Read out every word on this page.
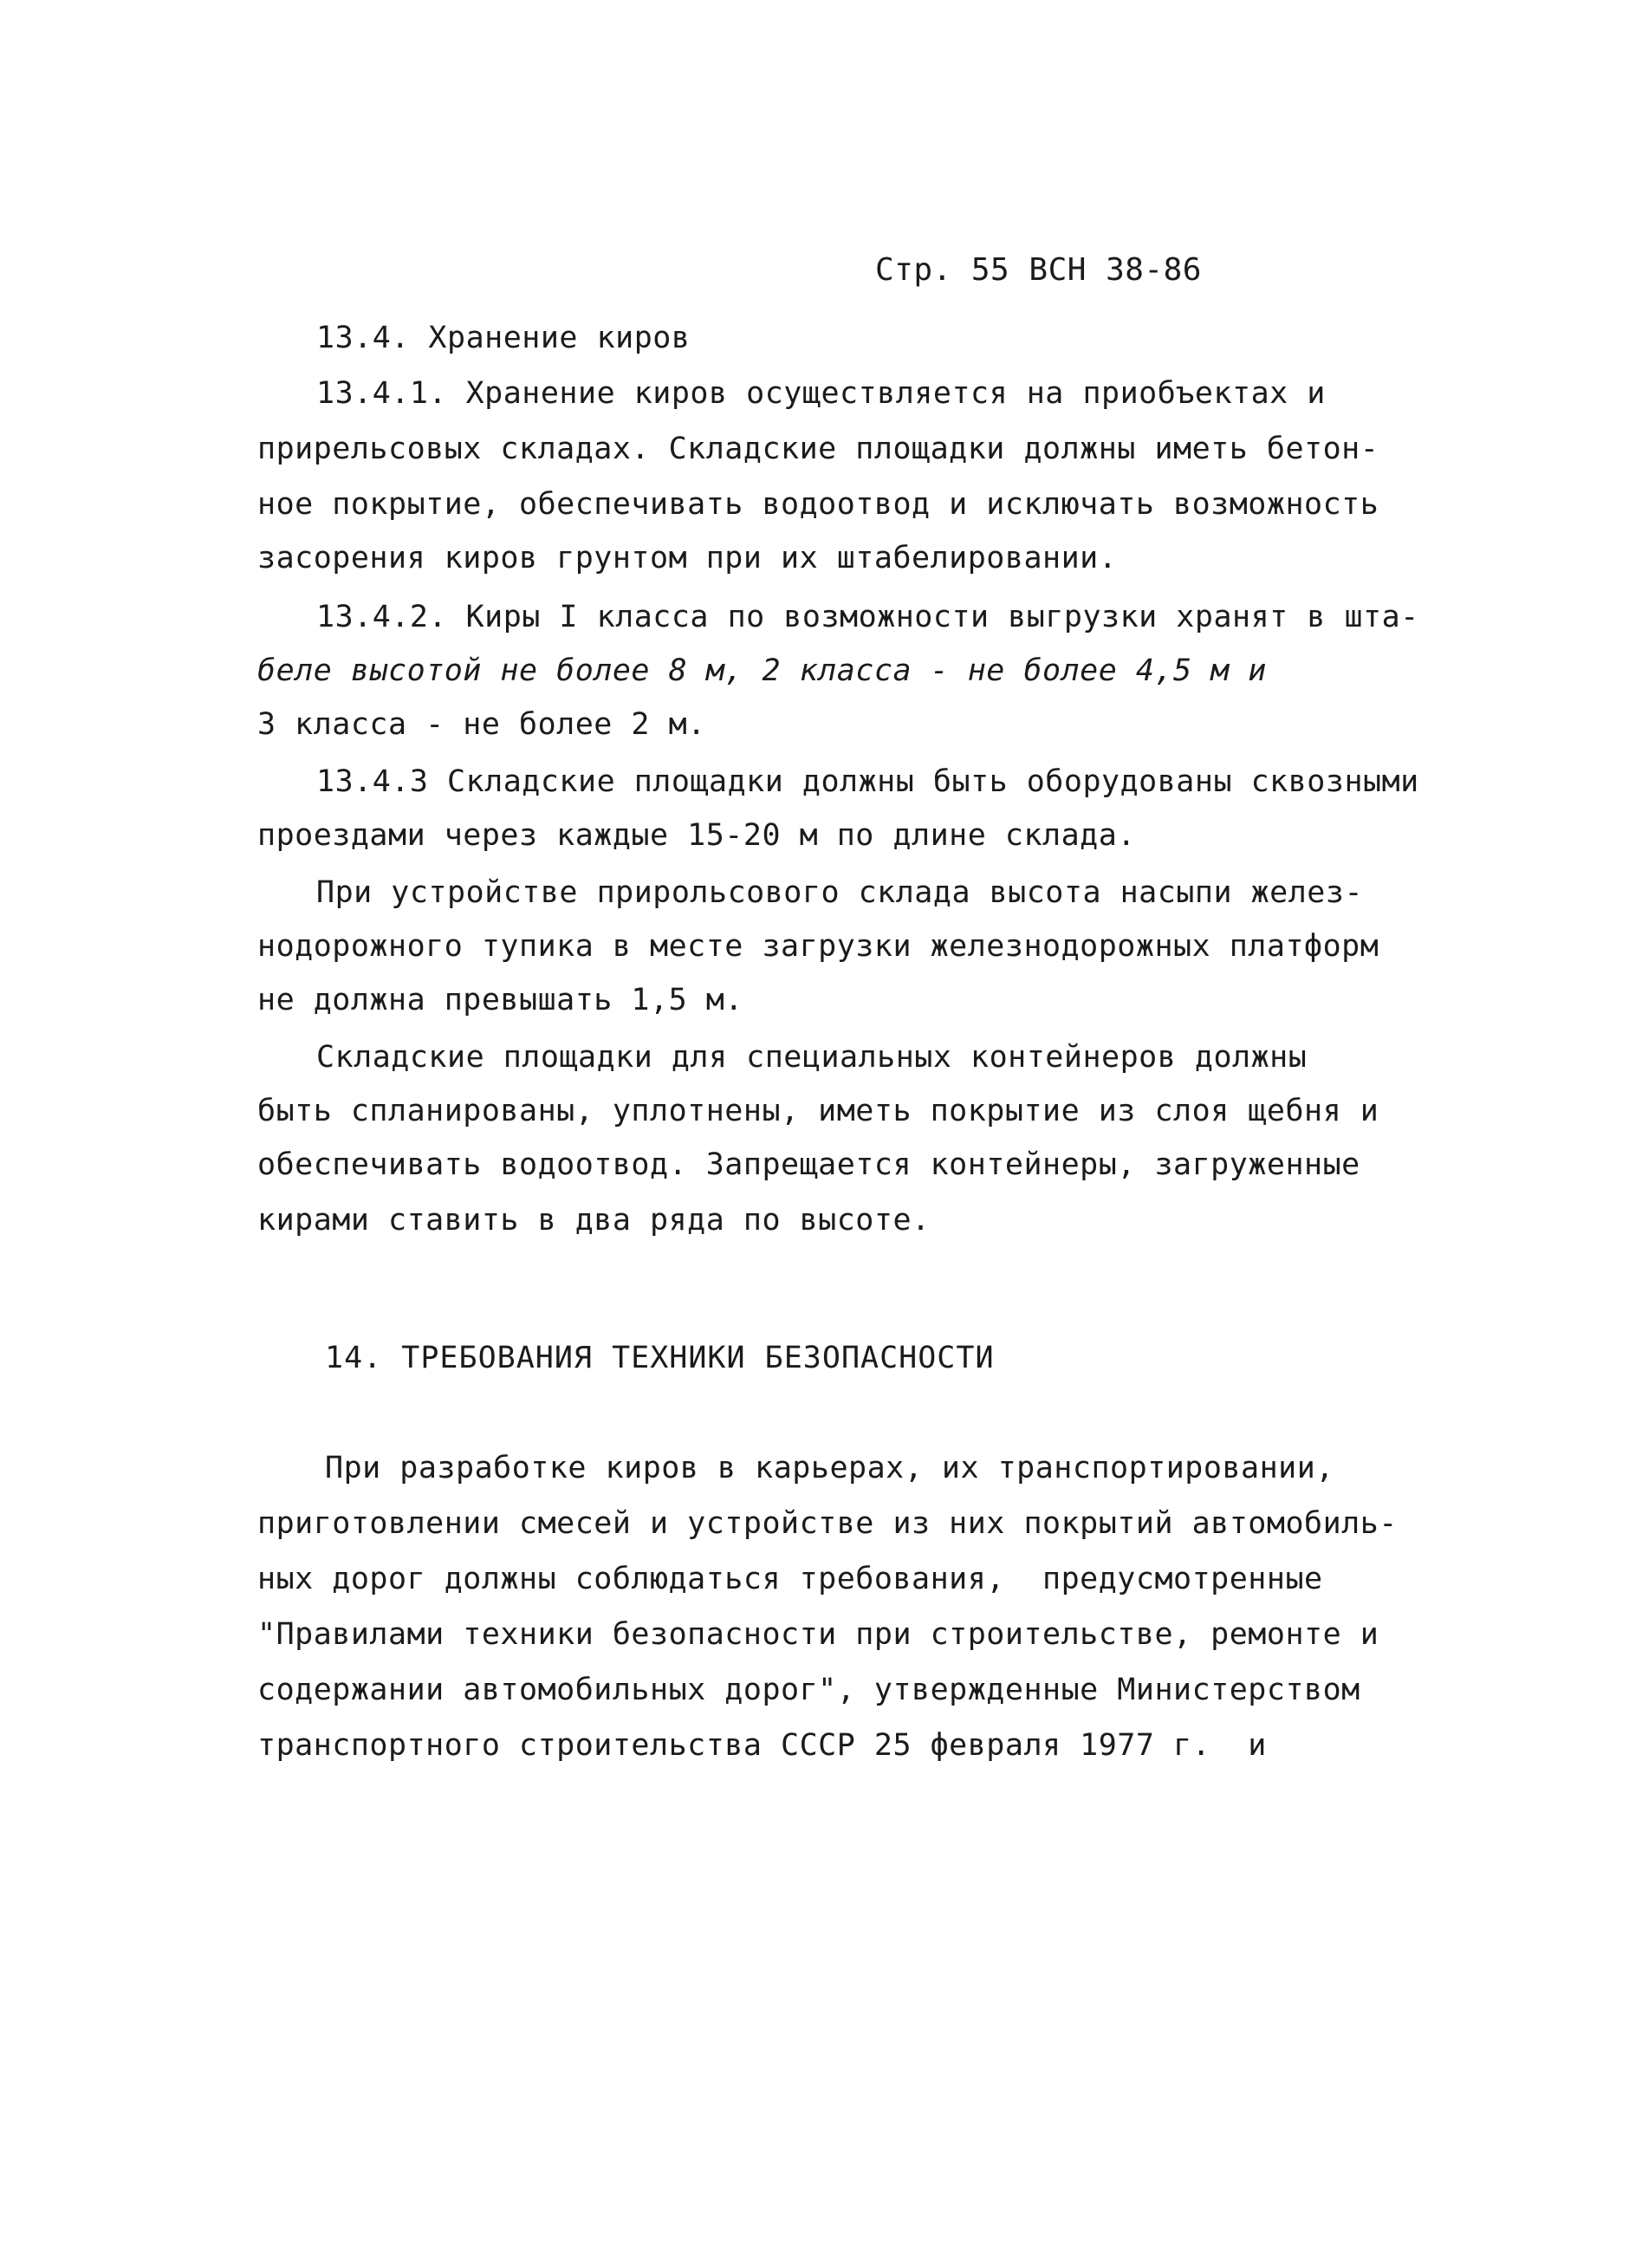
Стр. 55 ВСН 38-86
13.4. Хранение киров
13.4.1. Хранение киров осуществляется на приобъектах и
прирельсовых складах. Складские площадки должны иметь бетон-
ное покрытие, обеспечивать водоотвод и исключать возможность
засорения киров грунтом при их штабелировании.
13.4.2. Киры I класса по возможности выгрузки хранят в шта-
беле высотой не более 8 м, 2 класса - не более 4,5 м и
3 класса - не более 2 м.
13.4.3 Складские площадки должны быть оборудованы сквозными
проездами через каждые 15-20 м по длине склада.
При устройстве прирольсового склада высота насыпи желез-
нодорожного тупика в месте загрузки железнодорожных платформ
не должна превышать 1,5 м.
Складские площадки для специальных контейнеров должны
быть спланированы, уплотнены, иметь покрытие из слоя щебня и
обеспечивать водоотвод. Запрещается контейнеры, загруженные
кирами ставить в два ряда по высоте.
14. ТРЕБОВАНИЯ ТЕХНИКИ БЕЗОПАСНОСТИ
При разработке киров в карьерах, их транспортировании,
приготовлении смесей и устройстве из них покрытий автомобиль-
ных дорог должны соблюдаться требования,  предусмотренные
"Правилами техники безопасности при строительстве, ремонте и
содержании автомобильных дорог", утвержденные Министерством
транспортного строительства СССР 25 февраля 1977 г.  и
